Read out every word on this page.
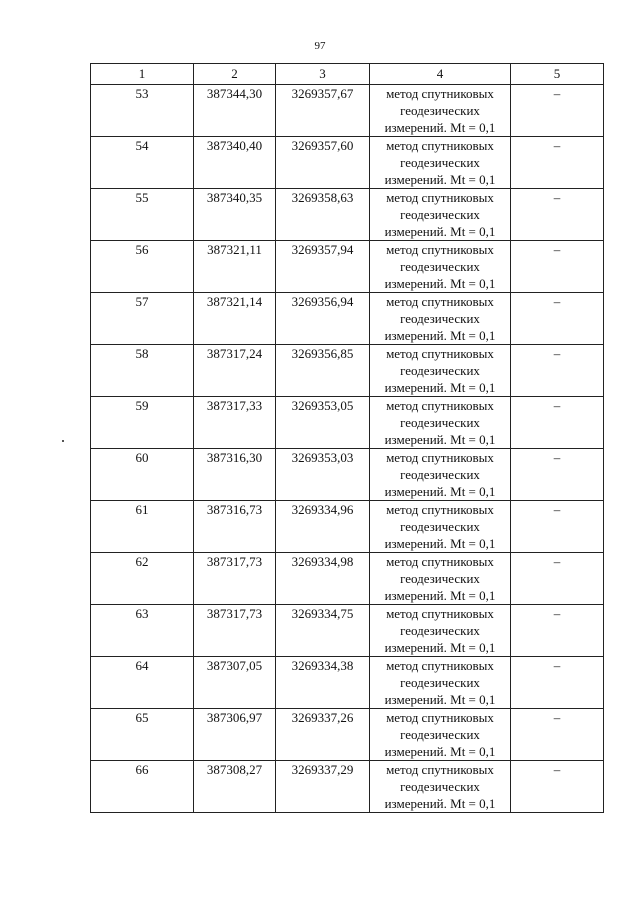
97
1	2	3	4	5
53	387344,30	3269357,67	метод спутниковых
геодезических
измерений. Mt = 0,1	–
54	387340,40	3269357,60	метод спутниковых
геодезических
измерений. Mt = 0,1	–
55	387340,35	3269358,63	метод спутниковых
геодезических
измерений. Mt = 0,1	–
56	387321,11	3269357,94	метод спутниковых
геодезических
измерений. Mt = 0,1	–
57	387321,14	3269356,94	метод спутниковых
геодезических
измерений. Mt = 0,1	–
58	387317,24	3269356,85	метод спутниковых
геодезических
измерений. Mt = 0,1	–
59	387317,33	3269353,05	метод спутниковых
геодезических
измерений. Mt = 0,1	–
60	387316,30	3269353,03	метод спутниковых
геодезических
измерений. Mt = 0,1	–
61	387316,73	3269334,96	метод спутниковых
геодезических
измерений. Mt = 0,1	–
62	387317,73	3269334,98	метод спутниковых
геодезических
измерений. Mt = 0,1	–
63	387317,73	3269334,75	метод спутниковых
геодезических
измерений. Mt = 0,1	–
64	387307,05	3269334,38	метод спутниковых
геодезических
измерений. Mt = 0,1	–
65	387306,97	3269337,26	метод спутниковых
геодезических
измерений. Mt = 0,1	–
66	387308,27	3269337,29	метод спутниковых
геодезических
измерений. Mt = 0,1	–
